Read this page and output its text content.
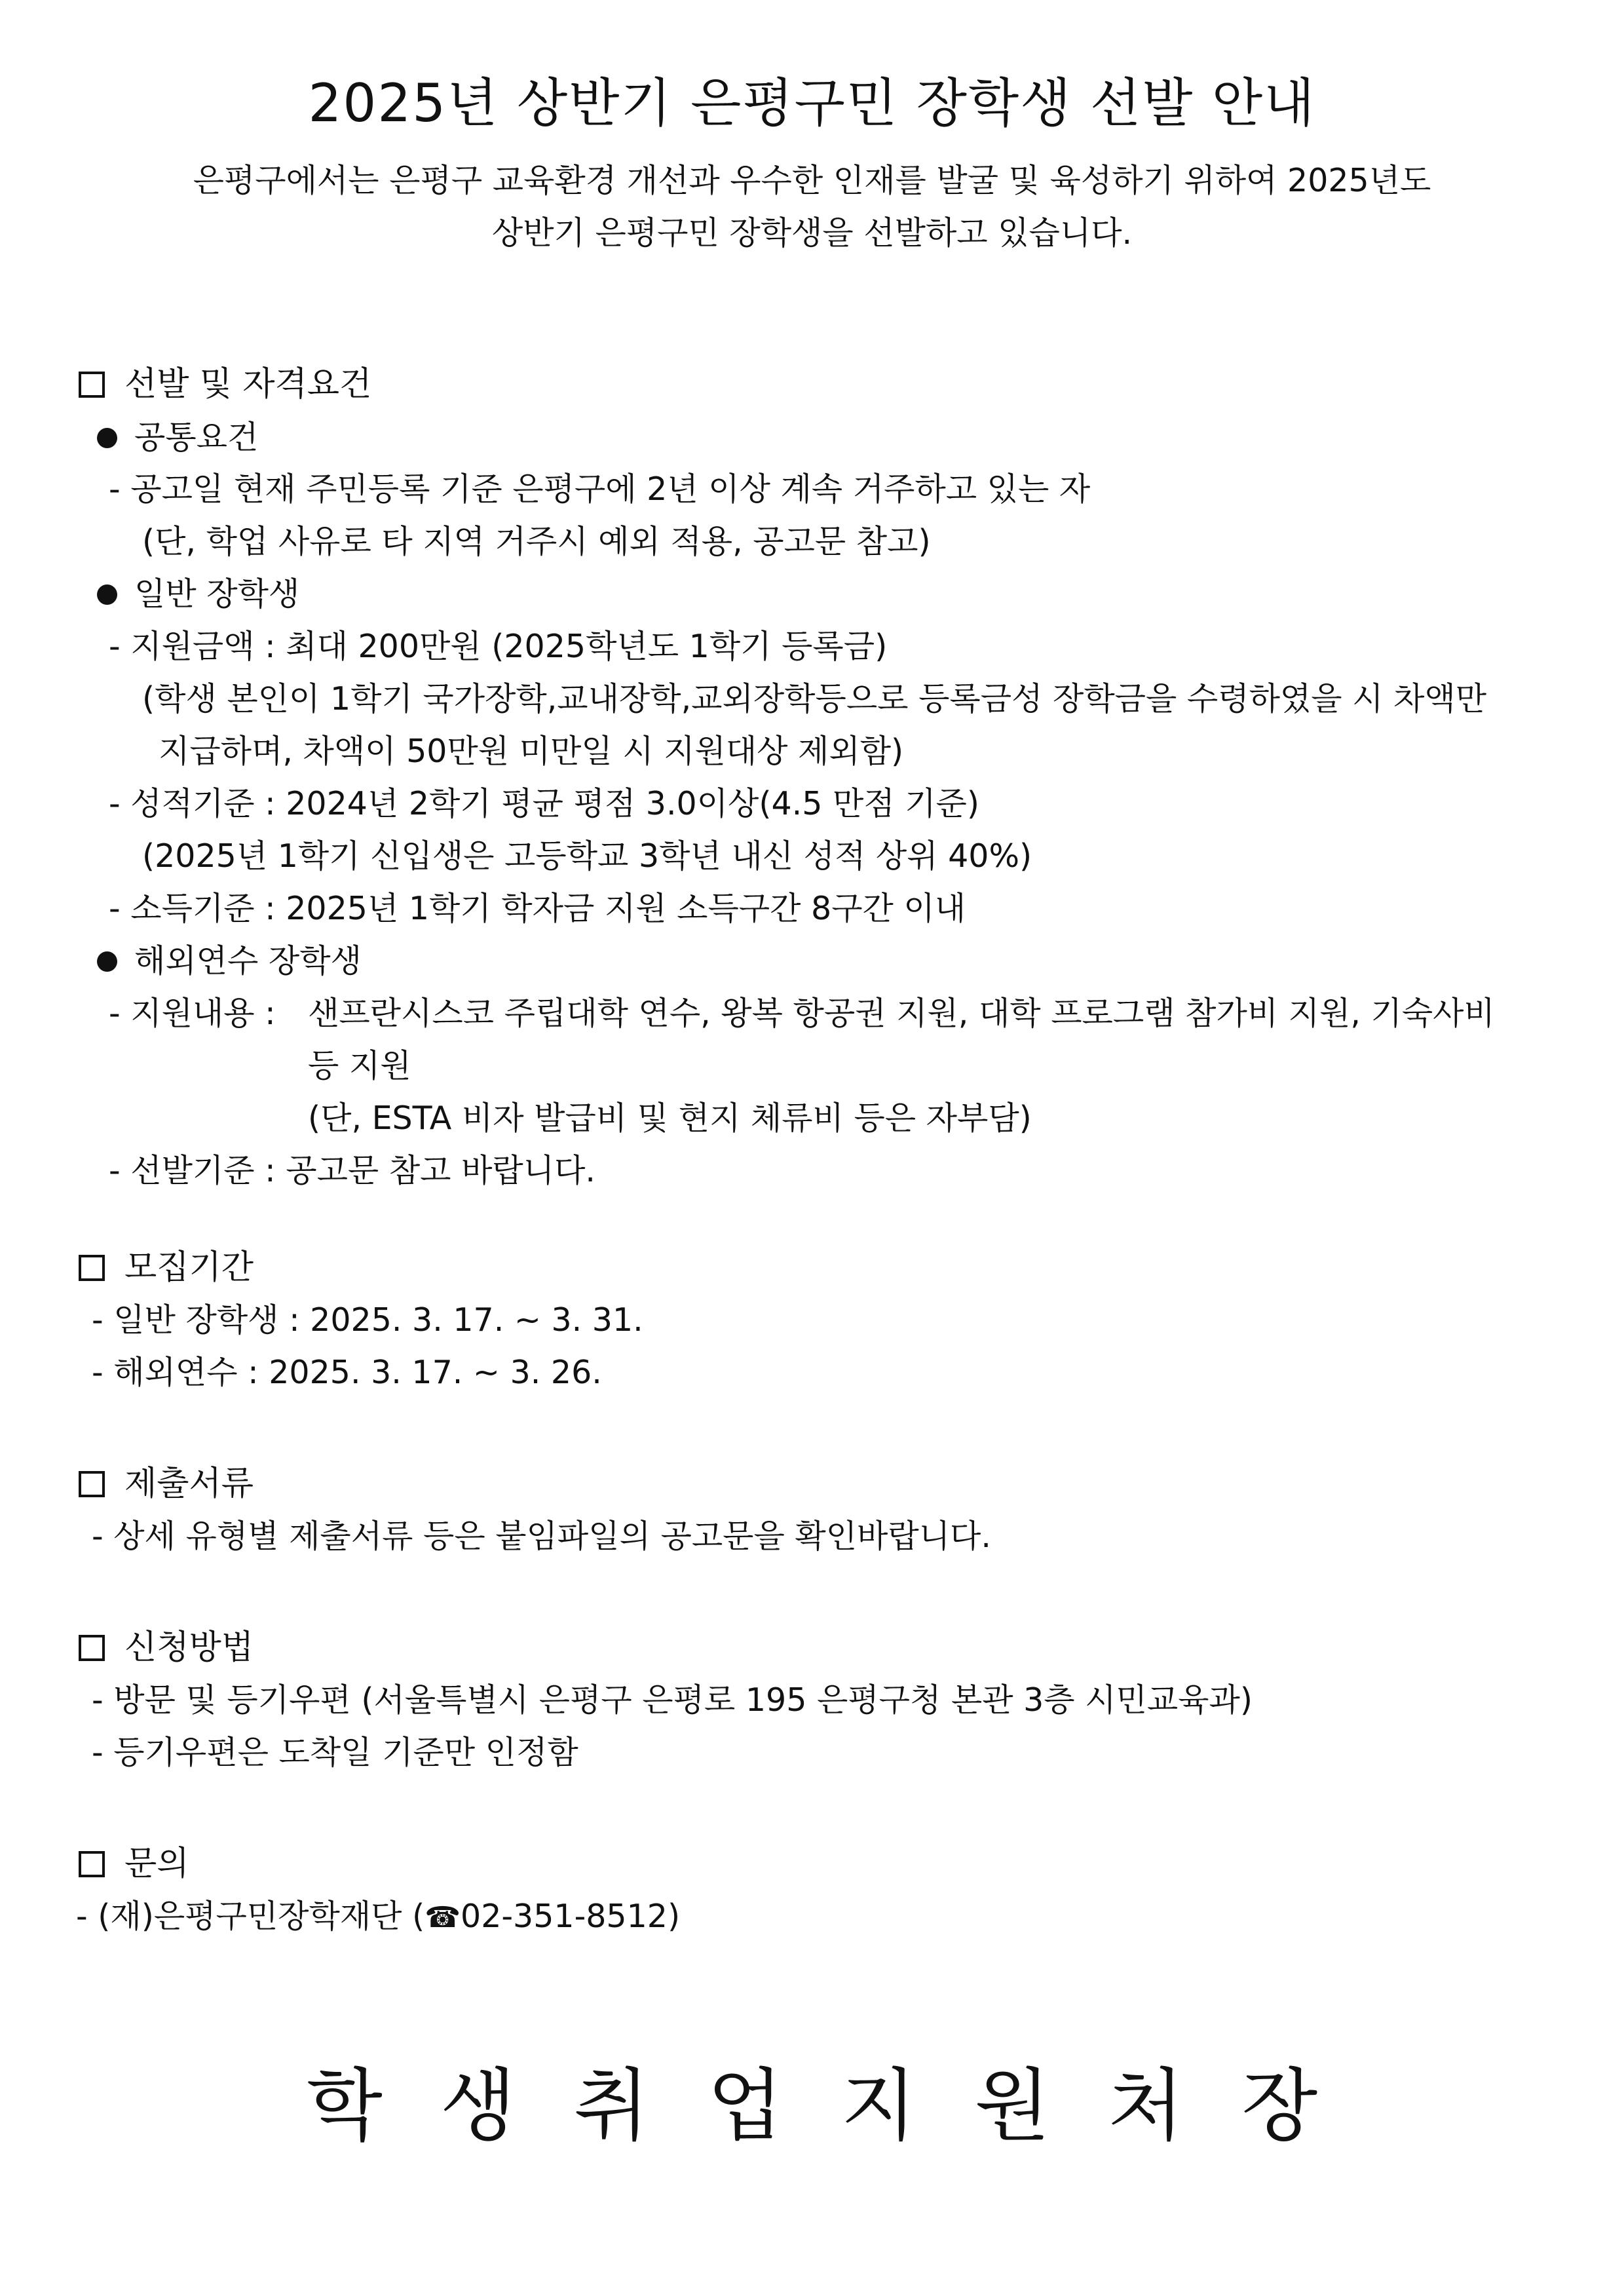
2025년 상반기 은평구민 장학생 선발 안내
은평구에서는 은평구 교육환경 개선과 우수한 인재를 발굴 및 육성하기 위하여 2025년도
상반기 은평구민 장학생을 선발하고 있습니다.
선발 및 자격요건
공통요건
- 공고일 현재 주민등록 기준 은평구에 2년 이상 계속 거주하고 있는 자
(단, 학업 사유로 타 지역 거주시 예외 적용, 공고문 참고)
일반 장학생
- 지원금액 : 최대 200만원 (2025학년도 1학기 등록금)
(학생 본인이 1학기 국가장학,교내장학,교외장학등으로 등록금성 장학금을 수령하였을 시 차액만
지급하며, 차액이 50만원 미만일 시 지원대상 제외함)
- 성적기준 : 2024년 2학기 평균 평점 3.0이상(4.5 만점 기준)
(2025년 1학기 신입생은 고등학교 3학년 내신 성적 상위 40%)
- 소득기준 : 2025년 1학기 학자금 지원 소득구간 8구간 이내
해외연수 장학생
- 지원내용 : 샌프란시스코 주립대학 연수, 왕복 항공권 지원, 대학 프로그램 참가비 지원, 기숙사비
등 지원
(단, ESTA 비자 발급비 및 현지 체류비 등은 자부담)
- 선발기준 : 공고문 참고 바랍니다.
모집기간
- 일반 장학생 : 2025. 3. 17. ~ 3. 31.
- 해외연수 : 2025. 3. 17. ~ 3. 26.
제출서류
- 상세 유형별 제출서류 등은 붙임파일의 공고문을 확인바랍니다.
신청방법
- 방문 및 등기우편 (서울특별시 은평구 은평로 195 은평구청 본관 3층 시민교육과)
- 등기우편은 도착일 기준만 인정함
문의
- (재)은평구민장학재단 (☎02-351-8512)
학생취업지원처장
